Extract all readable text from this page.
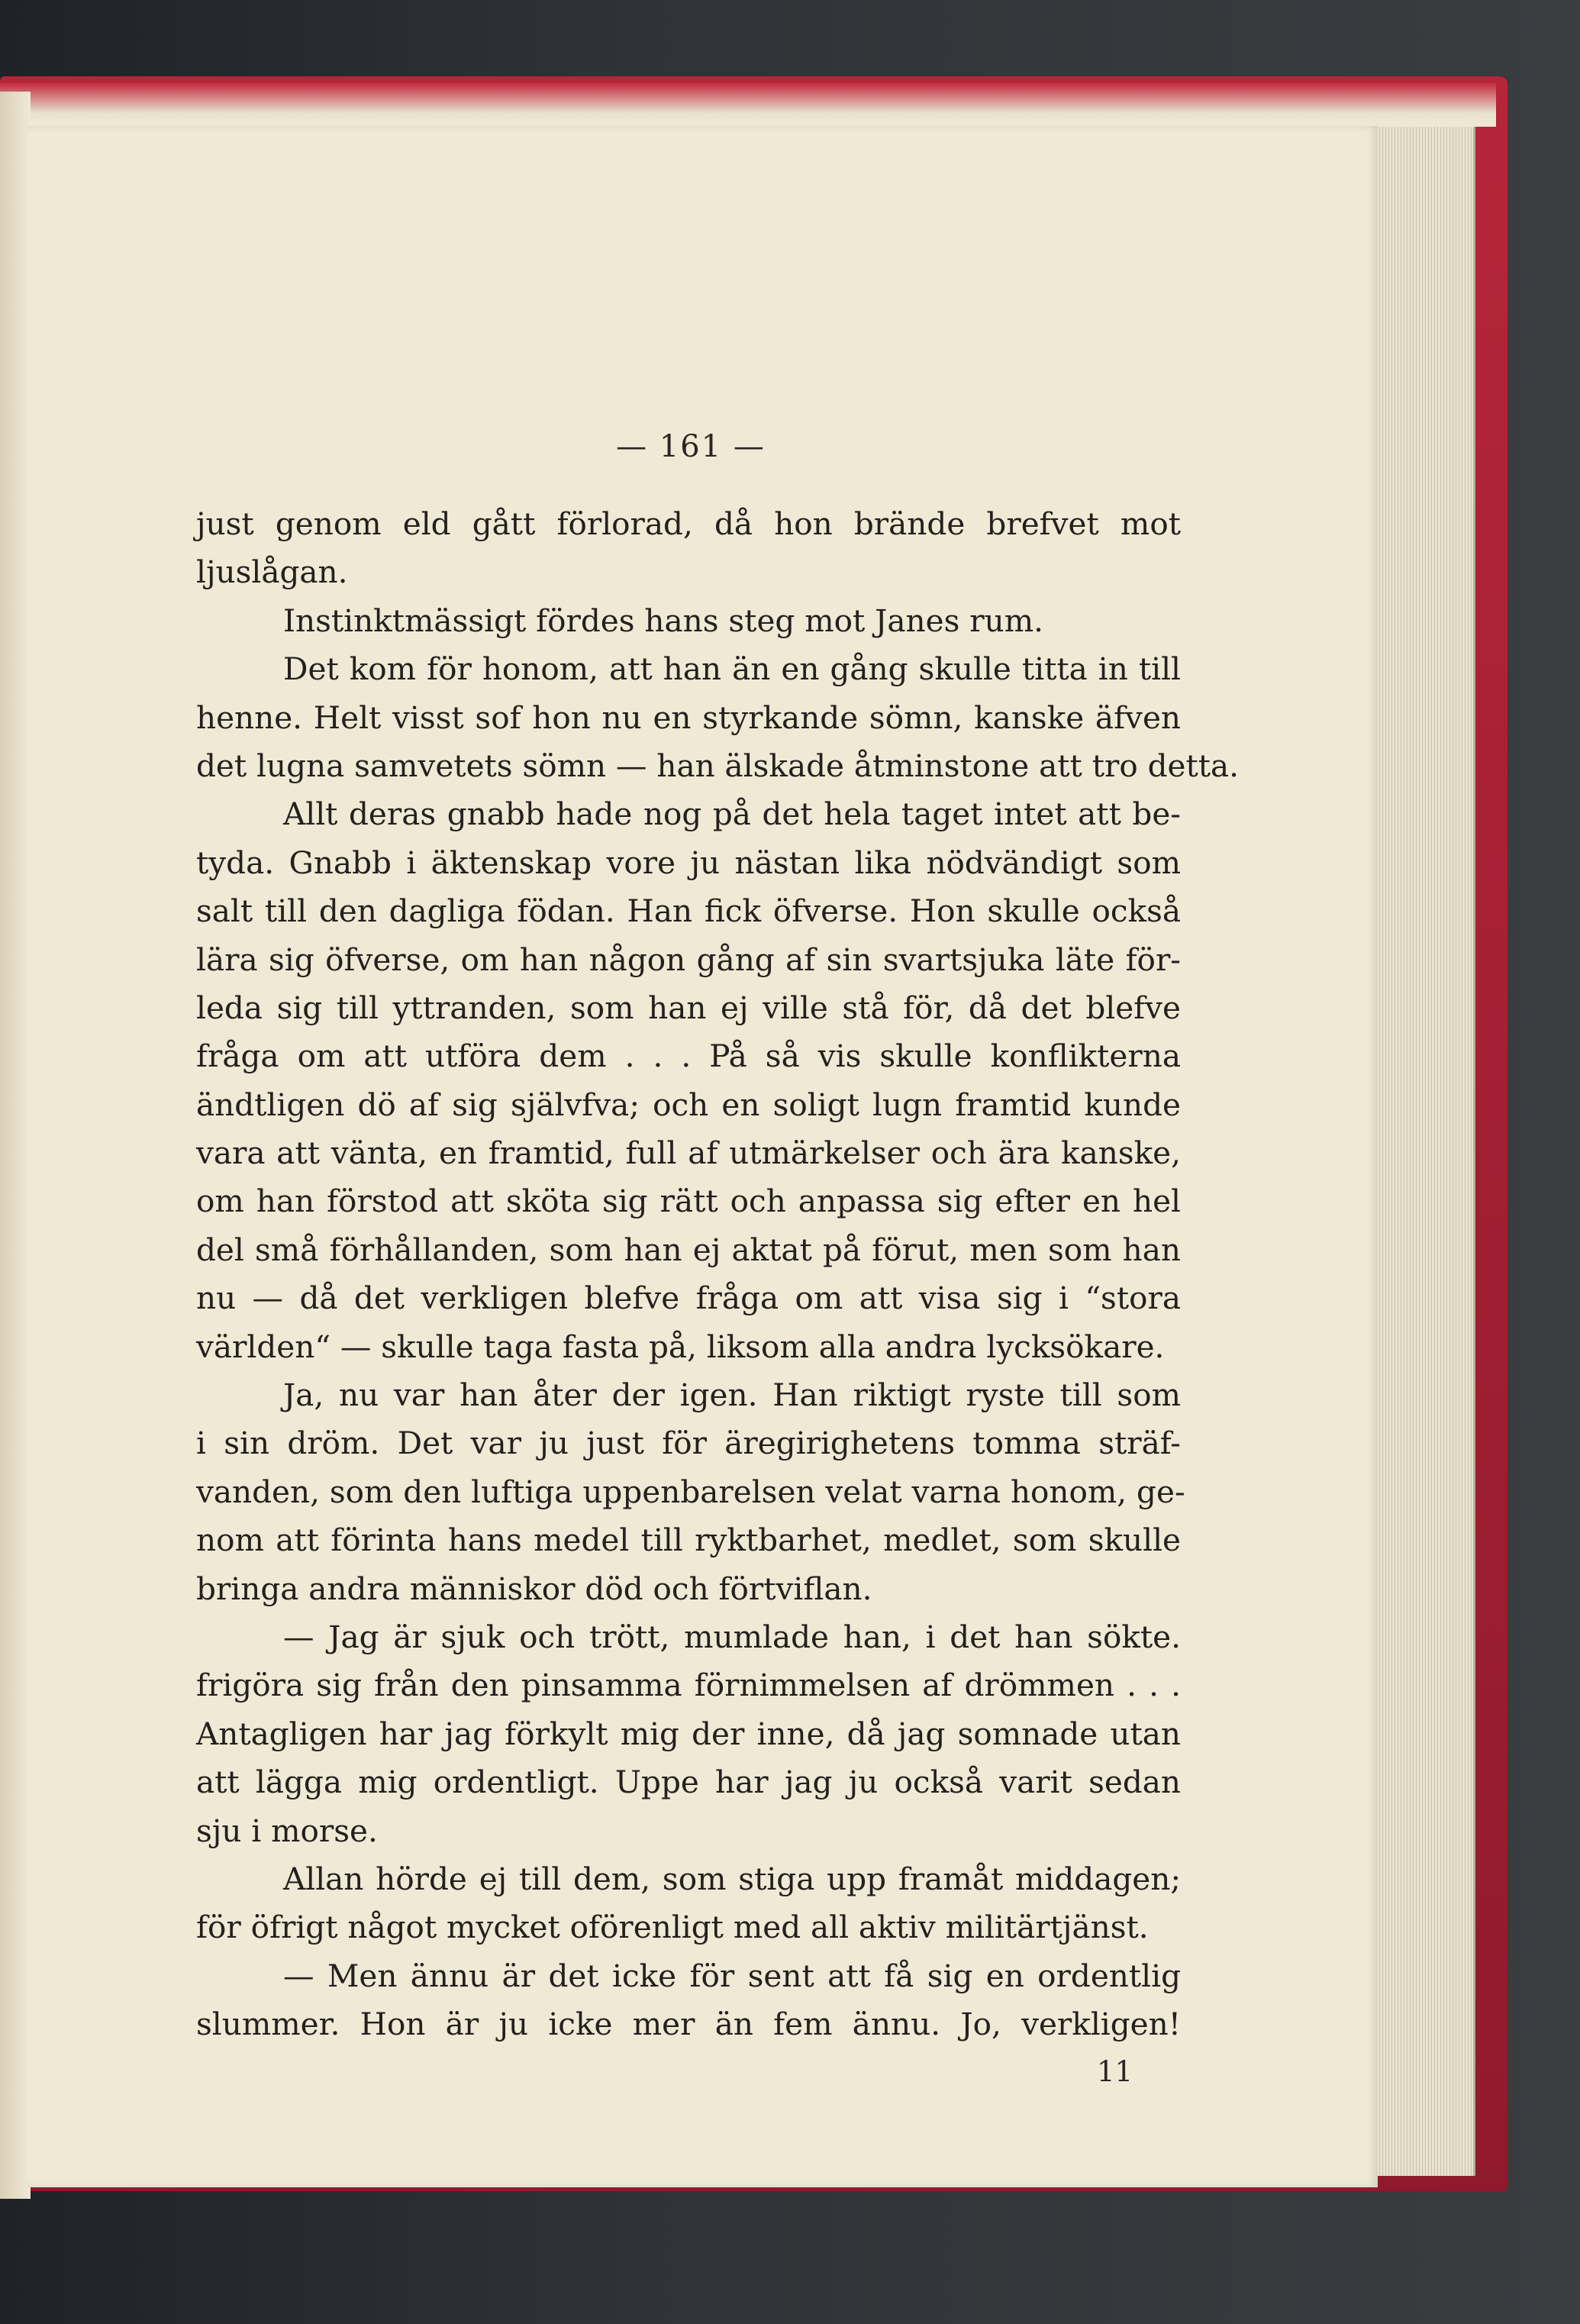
— 161 —
just genom eld gått förlorad, då hon brände brefvet mot
ljuslågan.
Instinktmässigt fördes hans steg mot Janes rum.
Det kom för honom, att han än en gång skulle titta in till
henne. Helt visst sof hon nu en styrkande sömn, kanske äfven
det lugna samvetets sömn — han älskade åtminstone att tro detta.
Allt deras gnabb hade nog på det hela taget intet att be-
tyda. Gnabb i äktenskap vore ju nästan lika nödvändigt som
salt till den dagliga födan. Han fick öfverse. Hon skulle också
lära sig öfverse, om han någon gång af sin svartsjuka läte för-
leda sig till yttranden, som han ej ville stå för, då det blefve
fråga om att utföra dem . . . På så vis skulle konflikterna
ändtligen dö af sig självfva; och en soligt lugn framtid kunde
vara att vänta, en framtid, full af utmärkelser och ära kanske,
om han förstod att sköta sig rätt och anpassa sig efter en hel
del små förhållanden, som han ej aktat på förut, men som han
nu — då det verkligen blefve fråga om att visa sig i “stora
världen“ — skulle taga fasta på, liksom alla andra lycksökare.
Ja, nu var han åter der igen. Han riktigt ryste till som
i sin dröm. Det var ju just för äregirighetens tomma sträf-
vanden, som den luftiga uppenbarelsen velat varna honom, ge-
nom att förinta hans medel till ryktbarhet, medlet, som skulle
bringa andra människor död och förtviflan.
— Jag är sjuk och trött, mumlade han, i det han sökte.
frigöra sig från den pinsamma förnimmelsen af drömmen . . .
Antagligen har jag förkylt mig der inne, då jag somnade utan
att lägga mig ordentligt. Uppe har jag ju också varit sedan
sju i morse.
Allan hörde ej till dem, som stiga upp framåt middagen;
för öfrigt något mycket oförenligt med all aktiv militärtjänst.
— Men ännu är det icke för sent att få sig en ordentlig
slummer. Hon är ju icke mer än fem ännu. Jo, verkligen!
11
